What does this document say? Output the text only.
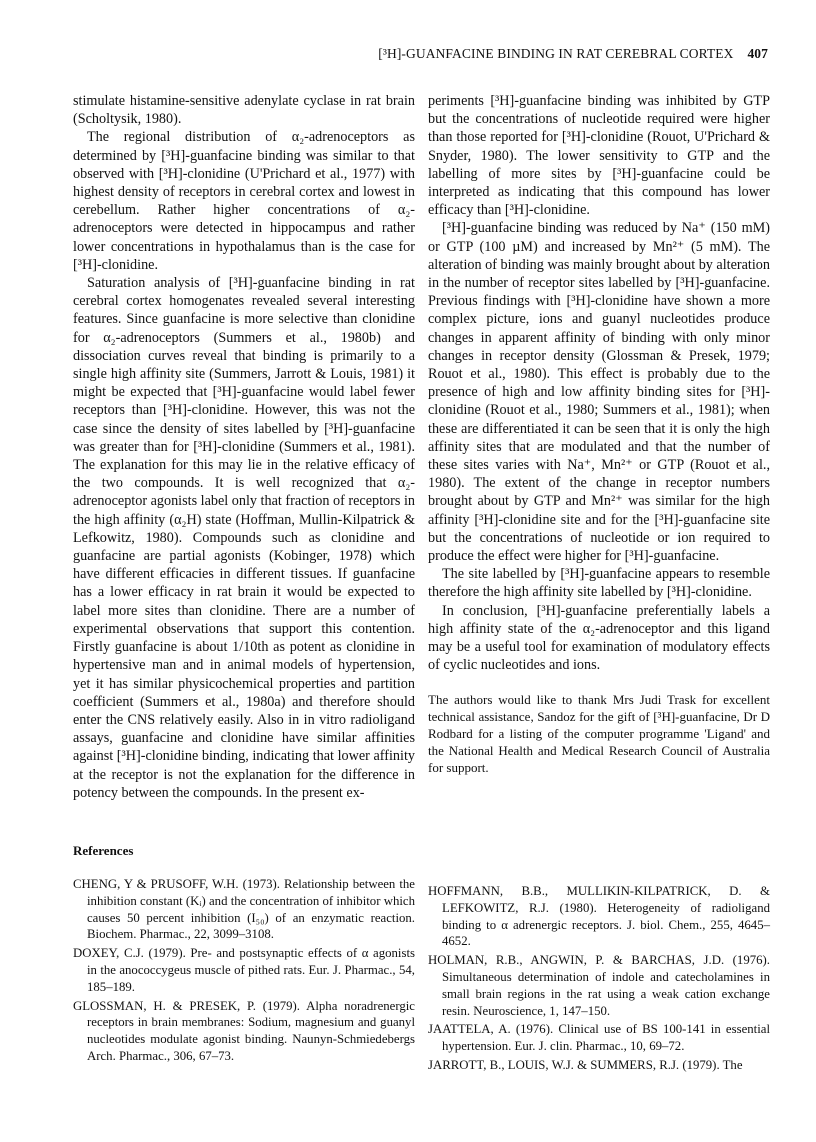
[³H]-GUANFACINE BINDING IN RAT CEREBRAL CORTEX 407

stimulate histamine-sensitive adenylate cyclase in rat brain (Scholtysik, 1980).

The regional distribution of α₂-adrenoceptors as determined by [³H]-guanfacine binding was similar to that observed with [³H]-clonidine (U'Prichard et al., 1977) with highest density of receptors in cerebral cortex and lowest in cerebellum. Rather higher concentrations of α₂-adrenoceptors were detected in hippocampus and rather lower concentrations in hypothalamus than is the case for [³H]-clonidine.

Saturation analysis of [³H]-guanfacine binding in rat cerebral cortex homogenates revealed several interesting features. Since guanfacine is more selective than clonidine for α₂-adrenoceptors (Summers et al., 1980b) and dissociation curves reveal that binding is primarily to a single high affinity site (Summers, Jarrott & Louis, 1981) it might be expected that [³H]-guanfacine would label fewer receptors than [³H]-clonidine. However, this was not the case since the density of sites labelled by [³H]-guanfacine was greater than for [³H]-clonidine (Summers et al., 1981). The explanation for this may lie in the relative efficacy of the two compounds. It is well recognized that α₂-adrenoceptor agonists label only that fraction of receptors in the high affinity (α₂H) state (Hoffman, Mullin-Kilpatrick & Lefkowitz, 1980). Compounds such as clonidine and guanfacine are partial agonists (Kobinger, 1978) which have different efficacies in different tissues. If guanfacine has a lower efficacy in rat brain it would be expected to label more sites than clonidine. There are a number of experimental observations that support this contention. Firstly guanfacine is about 1/10th as potent as clonidine in hypertensive man and in animal models of hypertension, yet it has similar physicochemical properties and partition coefficient (Summers et al., 1980a) and therefore should enter the CNS relatively easily. Also in in vitro radioligand assays, guanfacine and clonidine have similar affinities against [³H]-clonidine binding, indicating that lower affinity at the receptor is not the explanation for the difference in potency between the compounds. In the present ex-

periments [³H]-guanfacine binding was inhibited by GTP but the concentrations of nucleotide required were higher than those reported for [³H]-clonidine (Rouot, U'Prichard & Snyder, 1980). The lower sensitivity to GTP and the labelling of more sites by [³H]-guanfacine could be interpreted as indicating that this compound has lower efficacy than [³H]-clonidine.

[³H]-guanfacine binding was reduced by Na⁺ (150 mM) or GTP (100 µM) and increased by Mn²⁺ (5 mM). The alteration of binding was mainly brought about by alteration in the number of receptor sites labelled by [³H]-guanfacine. Previous findings with [³H]-clonidine have shown a more complex picture, ions and guanyl nucleotides produce changes in apparent affinity of binding with only minor changes in receptor density (Glossman & Presek, 1979; Rouot et al., 1980). This effect is probably due to the presence of high and low affinity binding sites for [³H]-clonidine (Rouot et al., 1980; Summers et al., 1981); when these are differentiated it can be seen that it is only the high affinity sites that are modulated and that the number of these sites varies with Na⁺, Mn²⁺ or GTP (Rouot et al., 1980). The extent of the change in receptor numbers brought about by GTP and Mn²⁺ was similar for the high affinity [³H]-clonidine site and for the [³H]-guanfacine site but the concentrations of nucleotide or ion required to produce the effect were higher for [³H]-guanfacine.

The site labelled by [³H]-guanfacine appears to resemble therefore the high affinity site labelled by [³H]-clonidine.

In conclusion, [³H]-guanfacine preferentially labels a high affinity state of the α₂-adrenoceptor and this ligand may be a useful tool for examination of modulatory effects of cyclic nucleotides and ions.

The authors would like to thank Mrs Judi Trask for excellent technical assistance, Sandoz for the gift of [³H]-guanfacine, Dr D Rodbard for a listing of the computer programme 'Ligand' and the National Health and Medical Research Council of Australia for support.

References

CHENG, Y & PRUSOFF, W.H. (1973). Relationship between the inhibition constant (Kᵢ) and the concentration of inhibitor which causes 50 percent inhibition (I₅₀) of an enzymatic reaction. Biochem. Pharmac., 22, 3099–3108.

DOXEY, C.J. (1979). Pre- and postsynaptic effects of α agonists in the anococcygeus muscle of pithed rats. Eur. J. Pharmac., 54, 185–189.

GLOSSMAN, H. & PRESEK, P. (1979). Alpha noradrenergic receptors in brain membranes: Sodium, magnesium and guanyl nucleotides modulate agonist binding. Naunyn-Schmiedebergs Arch. Pharmac., 306, 67–73.

HOFFMANN, B.B., MULLIKIN-KILPATRICK, D. & LEFKOWITZ, R.J. (1980). Heterogeneity of radioligand binding to α adrenergic receptors. J. biol. Chem., 255, 4645–4652.

HOLMAN, R.B., ANGWIN, P. & BARCHAS, J.D. (1976). Simultaneous determination of indole and catecholamines in small brain regions in the rat using a weak cation exchange resin. Neuroscience, 1, 147–150.

JAATTELA, A. (1976). Clinical use of BS 100-141 in essential hypertension. Eur. J. clin. Pharmac., 10, 69–72.

JARROTT, B., LOUIS, W.J. & SUMMERS, R.J. (1979). The
